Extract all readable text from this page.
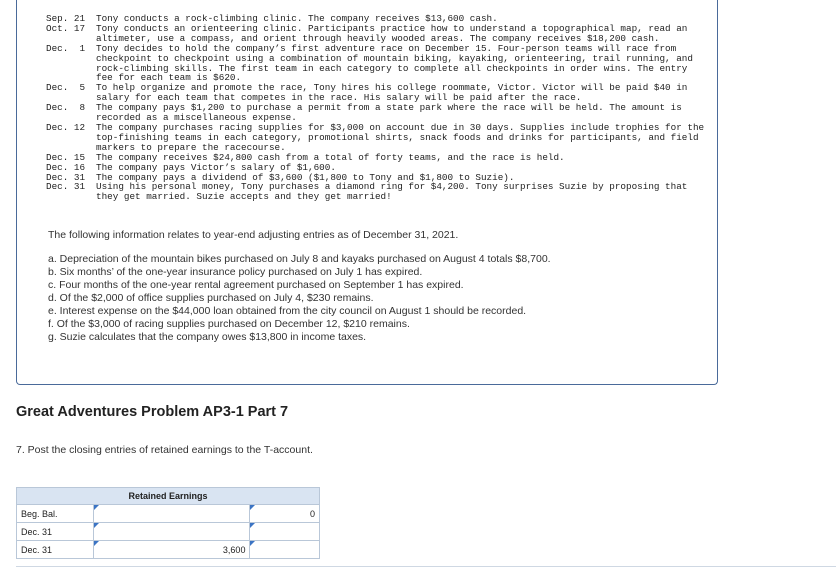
Sep. 21	Tony conducts a rock-climbing clinic. The company receives $13,600 cash.
Oct. 17	Tony conducts an orienteering clinic. Participants practice how to understand a topographical map, read an altimeter, use a compass, and orient through heavily wooded areas. The company receives $18,200 cash.
Dec.  1	Tony decides to hold the company’s first adventure race on December 15. Four-person teams will race from checkpoint to checkpoint using a combination of mountain biking, kayaking, orienteering, trail running, and rock-climbing skills. The first team in each category to complete all checkpoints in order wins. The entry fee for each team is $620.
Dec.  5	To help organize and promote the race, Tony hires his college roommate, Victor. Victor will be paid $40 in salary for each team that competes in the race. His salary will be paid after the race.
Dec.  8	The company pays $1,200 to purchase a permit from a state park where the race will be held. The amount is recorded as a miscellaneous expense.
Dec. 12	The company purchases racing supplies for $3,000 on account due in 30 days. Supplies include trophies for the top-finishing teams in each category, promotional shirts, snack foods and drinks for participants, and field markers to prepare the racecourse.
Dec. 15	The company receives $24,800 cash from a total of forty teams, and the race is held.
Dec. 16	The company pays Victor’s salary of $1,600.
Dec. 31	The company pays a dividend of $3,600 ($1,800 to Tony and $1,800 to Suzie).
Dec. 31	Using his personal money, Tony purchases a diamond ring for $4,200. Tony surprises Suzie by proposing that they get married. Suzie accepts and they get married!
The following information relates to year-end adjusting entries as of December 31, 2021.
a. Depreciation of the mountain bikes purchased on July 8 and kayaks purchased on August 4 totals $8,700.
b. Six months’ of the one-year insurance policy purchased on July 1 has expired.
c. Four months of the one-year rental agreement purchased on September 1 has expired.
d. Of the $2,000 of office supplies purchased on July 4, $230 remains.
e. Interest expense on the $44,000 loan obtained from the city council on August 1 should be recorded.
f. Of the $3,000 of racing supplies purchased on December 12, $210 remains.
g. Suzie calculates that the company owes $13,800 in income taxes.
Great Adventures Problem AP3-1 Part 7
7. Post the closing entries of retained earnings to the T-account.
Retained Earnings		
Beg. Bal.		0
Dec. 31	

Dec. 31	3,600	
